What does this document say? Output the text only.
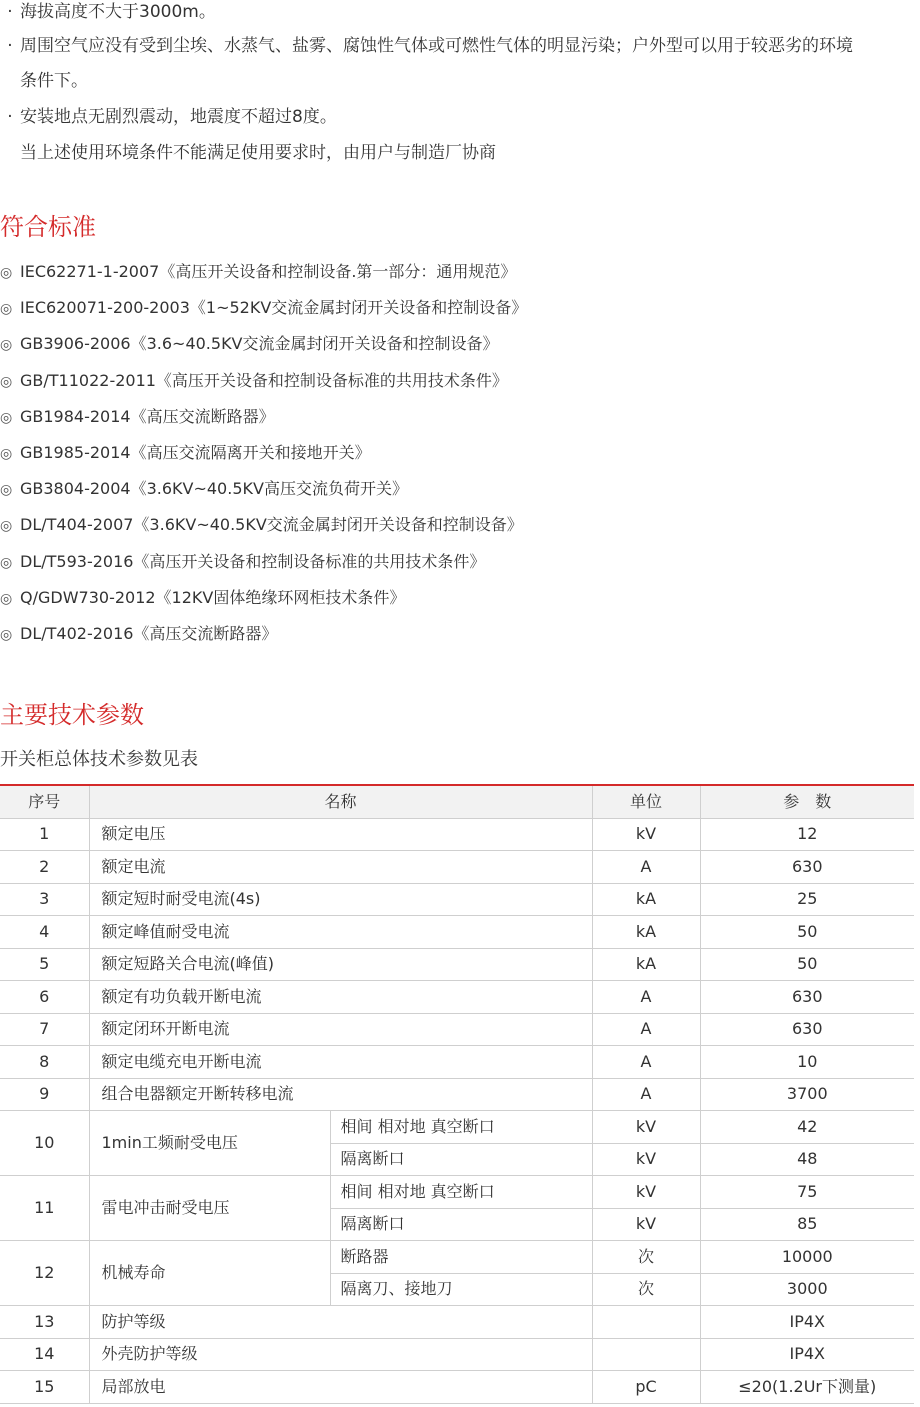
· 海拔高度不大于3000m。
· 周围空气应没有受到尘埃、水蒸气、盐雾、腐蚀性气体或可燃性气体的明显污染；户外型可以用于较恶劣的环境
条件下。
· 安装地点无剧烈震动，地震度不超过8度。
当上述使用环境条件不能满足使用要求时，由用户与制造厂协商
符合标准
◎ IEC62271-1-2007《高压开关设备和控制设备.第一部分：通用规范》
◎ IEC620071-200-2003《1~52KV交流金属封闭开关设备和控制设备》
◎ GB3906-2006《3.6~40.5KV交流金属封闭开关设备和控制设备》
◎ GB/T11022-2011《高压开关设备和控制设备标准的共用技术条件》
◎ GB1984-2014《高压交流断路器》
◎ GB1985-2014《高压交流隔离开关和接地开关》
◎ GB3804-2004《3.6KV~40.5KV高压交流负荷开关》
◎ DL/T404-2007《3.6KV~40.5KV交流金属封闭开关设备和控制设备》
◎ DL/T593-2016《高压开关设备和控制设备标准的共用技术条件》
◎ Q/GDW730-2012《12KV固体绝缘环网柜技术条件》
◎ DL/T402-2016《高压交流断路器》
主要技术参数
开关柜总体技术参数见表
序号	名称		单位	参　数
1	额定电压		kV	12
2	额定电流		A	630
3	额定短时耐受电流(4s)		kA	25
4	额定峰值耐受电流		kA	50
5	额定短路关合电流(峰值)		kA	50
6	额定有功负载开断电流		A	630
7	额定闭环开断电流		A	630
8	额定电缆充电开断电流		A	10
9	组合电器额定开断转移电流		A	3700
10	1min工频耐受电压	相间 相对地 真空断口	kV	42
		隔离断口	kV	48
11	雷电冲击耐受电压	相间 相对地 真空断口	kV	75
		隔离断口	kV	85
12	机械寿命	断路器	次	10000
		隔离刀、接地刀	次	3000
13	防护等级			IP4X
14	外壳防护等级			IP4X
15	局部放电		pC	≤20(1.2Ur下测量)
